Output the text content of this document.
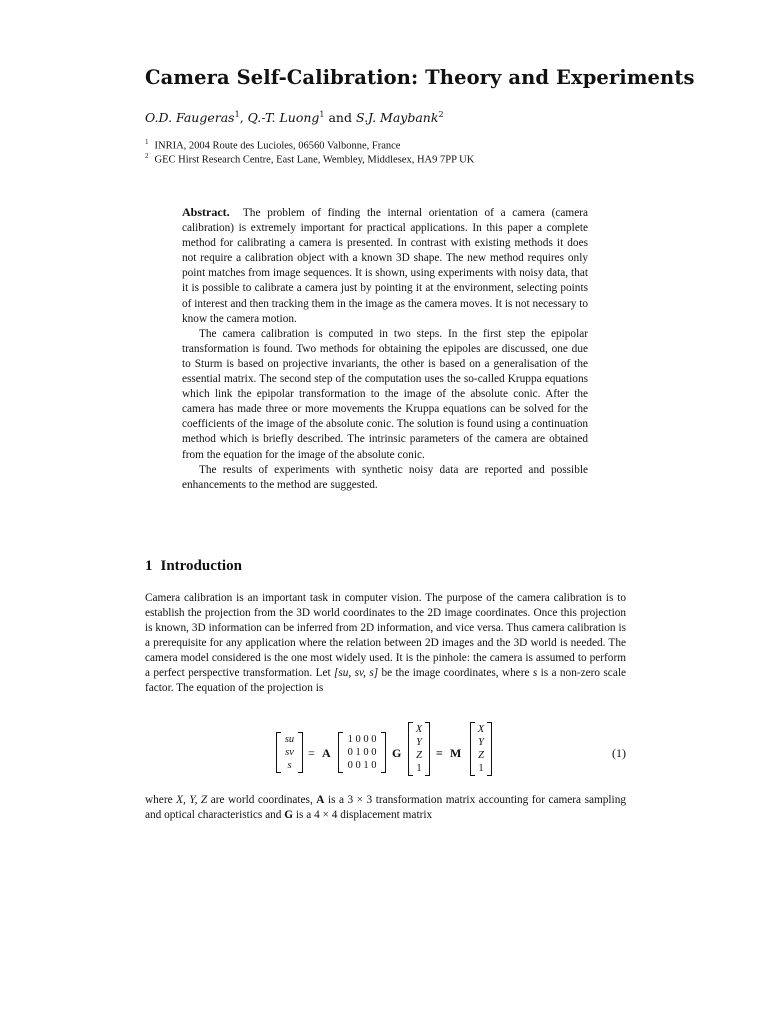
Camera Self-Calibration: Theory and Experiments
O.D. Faugeras$^1$, Q.-T. Luong$^1$ and S.J. Maybank$^2$
$^1$ INRIA, 2004 Route des Lucioles, 06560 Valbonne, France
$^2$ GEC Hirst Research Centre, East Lane, Wembley, Middlesex, HA9 7PP UK

Abstract. The problem of finding the internal orientation of a camera (camera calibration) is extremely important for practical applications. In this paper a complete method for calibrating a camera is presented. In contrast with existing methods it does not require a calibration object with a known 3D shape. The new method requires only point matches from image sequences. It is shown, using experiments with noisy data, that it is possible to calibrate a camera just by pointing it at the environment, selecting points of interest and then tracking them in the image as the camera moves. It is not necessary to know the camera motion.

The camera calibration is computed in two steps. In the first step the epipolar transformation is found. Two methods for obtaining the epipoles are discussed, one due to Sturm is based on projective invariants, the other is based on a generalisation of the essential matrix. The second step of the computation uses the so-called Kruppa equations which link the epipolar transformation to the image of the absolute conic. After the camera has made three or more movements the Kruppa equations can be solved for the coefficients of the image of the absolute conic. The solution is found using a continuation method which is briefly described. The intrinsic parameters of the camera are obtained from the equation for the image of the absolute conic.

The results of experiments with synthetic noisy data are reported and possible enhancements to the method are suggested.

1 Introduction

Camera calibration is an important task in computer vision. The purpose of the camera calibration is to establish the projection from the 3D world coordinates to the 2D image coordinates. Once this projection is known, 3D information can be inferred from 2D information, and vice versa. Thus camera calibration is a prerequisite for any application where the relation between 2D images and the 3D world is needed. The camera model considered is the one most widely used. It is the pinhole: the camera is assumed to perform a perfect perspective transformation. Let [su, sv, s] be the image coordinates, where s is a non-zero scale factor. The equation of the projection is

su
sv
s
= A
1 0 0 0
0 1 0 0
0 0 1 0
G
X
Y
Z
1
≡ M
X
Y
Z
1
(1)

where X, Y, Z are world coordinates, A is a 3 × 3 transformation matrix accounting for camera sampling and optical characteristics and G is a 4 × 4 displacement matrix
